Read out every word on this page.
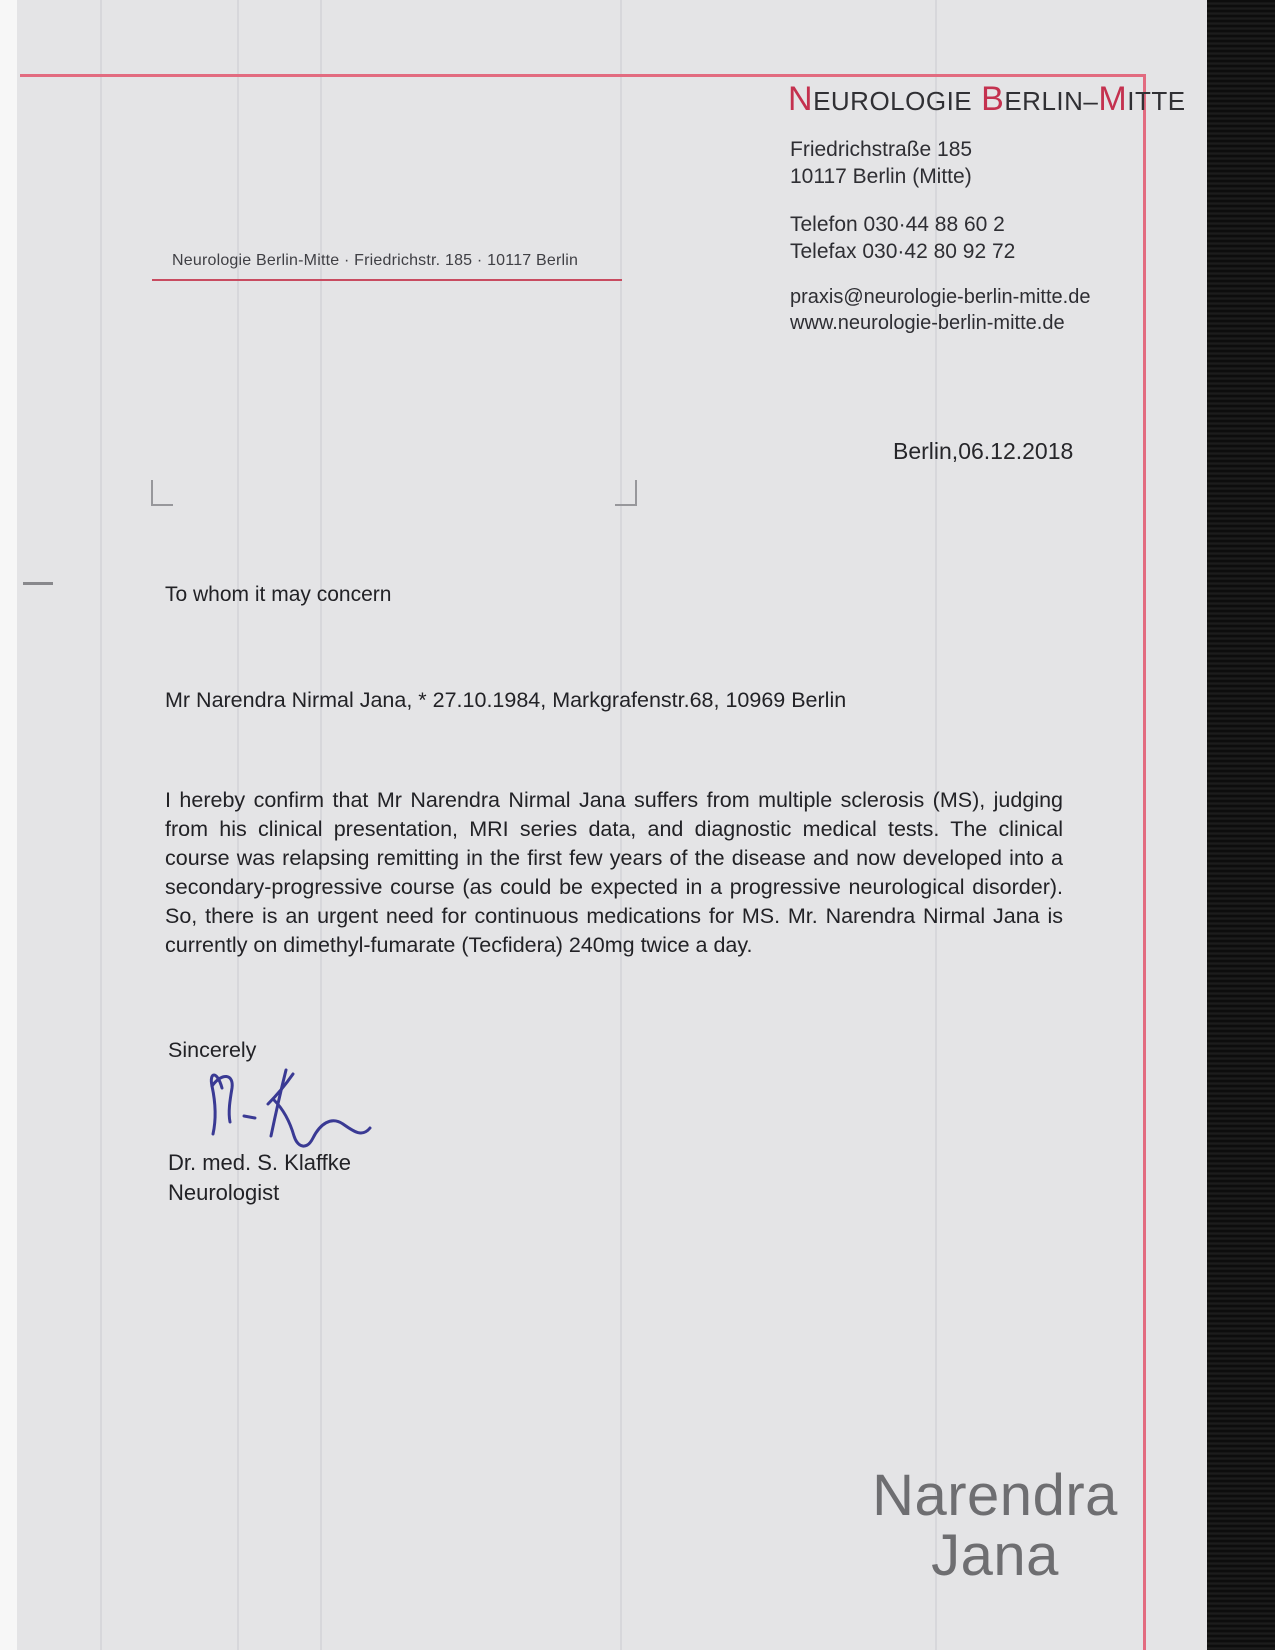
NEUROLOGIE BERLIN–MITTE
Friedrichstraße 185
10117 Berlin (Mitte)
Telefon 030·44 88 60 2
Telefax 030·42 80 92 72
praxis@neurologie-berlin-mitte.de
www.neurologie-berlin-mitte.de
Neurologie Berlin-Mitte · Friedrichstr. 185 · 10117 Berlin
Berlin,06.12.2018
To whom it may concern
Mr Narendra Nirmal Jana, * 27.10.1984, Markgrafenstr.68, 10969 Berlin

I hereby confirm that Mr Narendra Nirmal Jana suffers from multiple sclerosis (MS), judging from his clinical presentation, MRI series data, and diagnostic medical tests. The clinical course was relapsing remitting in the first few years of the disease and now developed into a secondary-progressive course (as could be expected in a progressive neurological disorder). So, there is an urgent need for continuous medications for MS. Mr. Narendra Nirmal Jana is currently on dimethyl-fumarate (Tecfidera) 240mg twice a day.

Sincerely
Dr. med. S. Klaffke
Neurologist
Narendra
Jana
